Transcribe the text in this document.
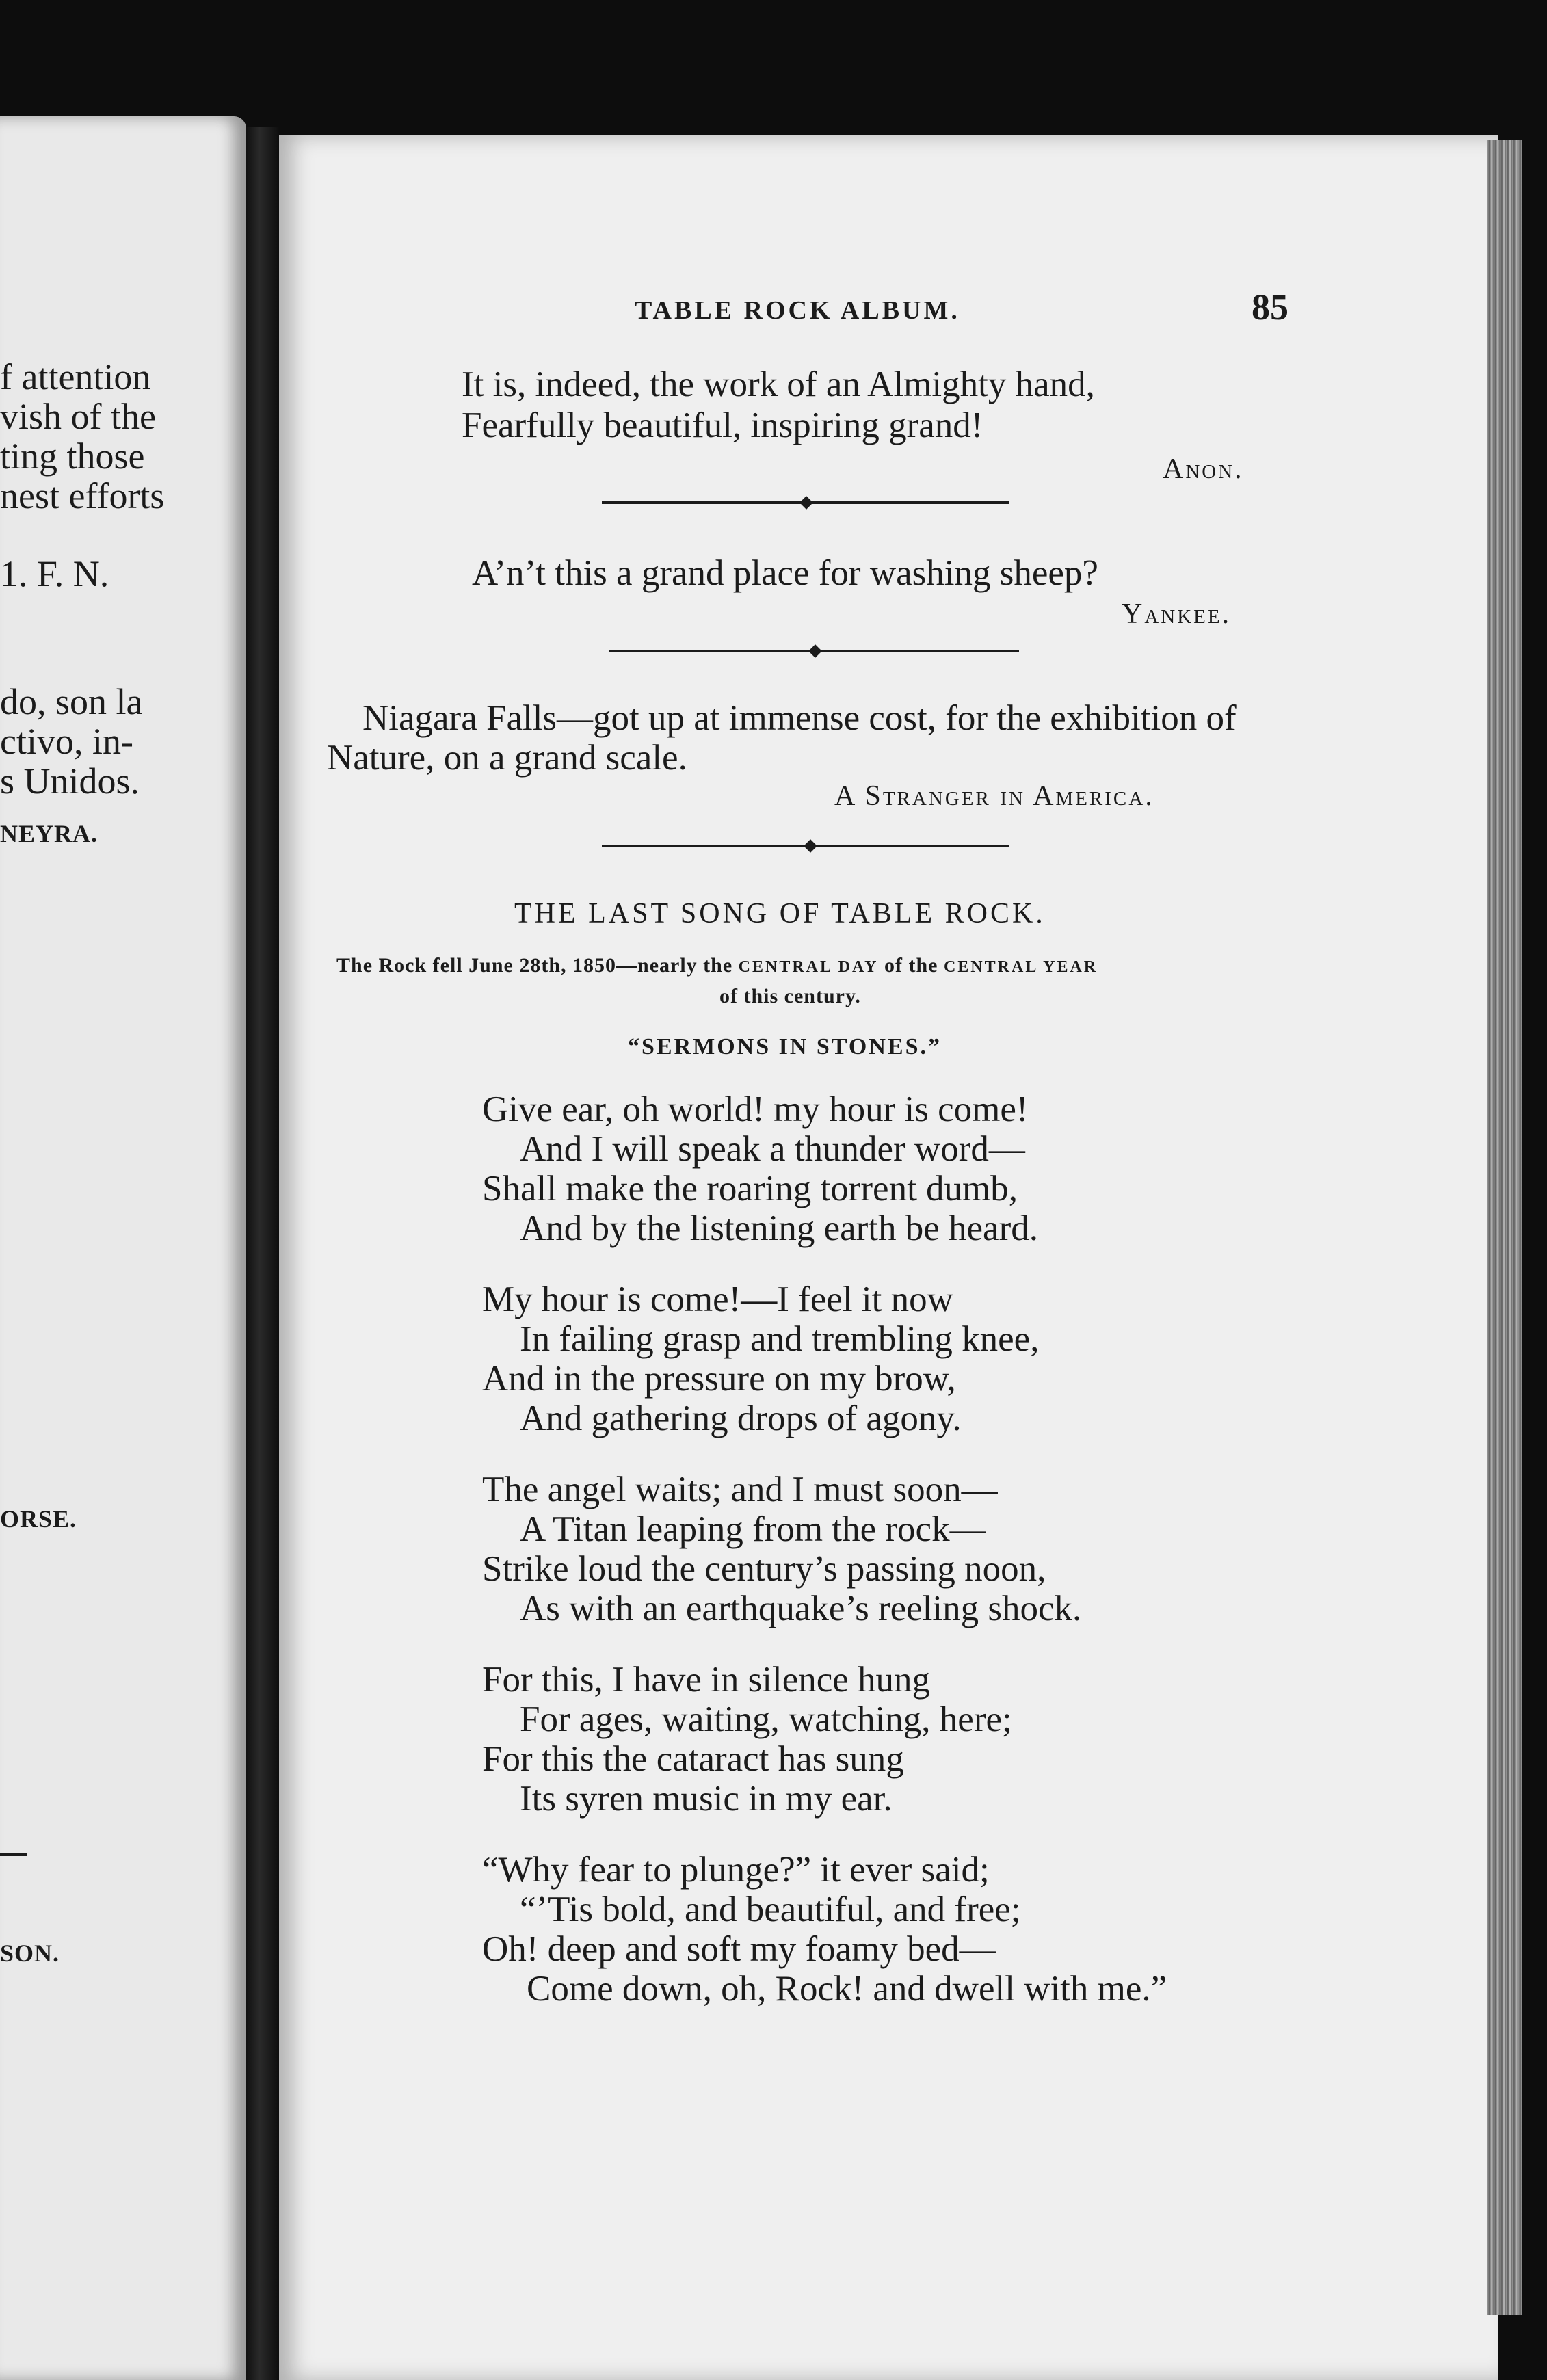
f attention
vish of the
ting those
nest efforts
1. F. N.
do, son la
ctivo, in-
s Unidos.
NEYRA.
ORSE.
SON.
TABLE ROCK ALBUM.	85
It is, indeed, the work of an Almighty hand,
Fearfully beautiful, inspiring grand!
Anon.
A’n’t this a grand place for washing sheep?
Yankee.
Niagara Falls—got up at immense cost, for the exhibition of
Nature, on a grand scale.
A Stranger in America.
THE LAST SONG OF TABLE ROCK.
The Rock fell June 28th, 1850—nearly the CENTRAL DAY of the CENTRAL YEAR
of this century.
“SERMONS IN STONES.”
Give ear, oh world! my hour is come!
And I will speak a thunder word—
Shall make the roaring torrent dumb,
And by the listening earth be heard.
My hour is come!—I feel it now
In failing grasp and trembling knee,
And in the pressure on my brow,
And gathering drops of agony.
The angel waits; and I must soon—
A Titan leaping from the rock—
Strike loud the century’s passing noon,
As with an earthquake’s reeling shock.
For this, I have in silence hung
For ages, waiting, watching, here;
For this the cataract has sung
Its syren music in my ear.
“Why fear to plunge?” it ever said;
“’Tis bold, and beautiful, and free;
Oh! deep and soft my foamy bed—
Come down, oh, Rock! and dwell with me.”
